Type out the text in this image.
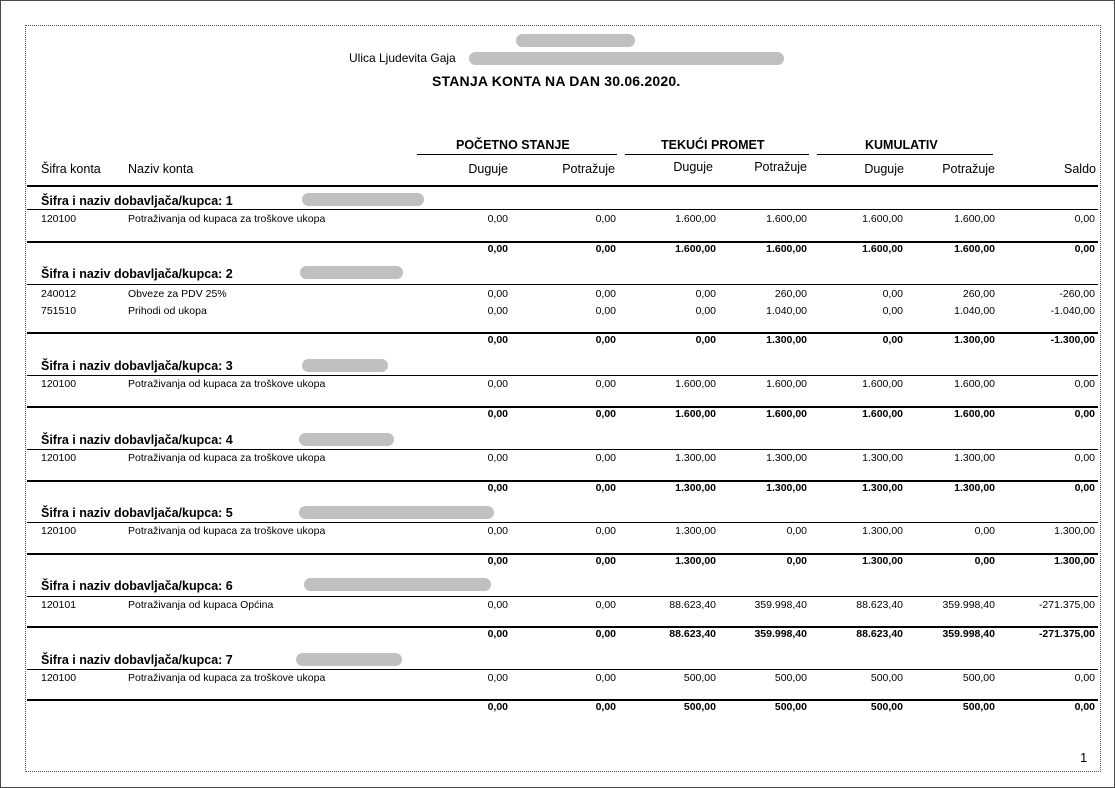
Ulica Ljudevita Gaja
STANJA KONTA NA DAN 30.06.2020.
POČETNO STANJE	TEKUĆI PROMET	KUMULATIV
Šifra konta Naziv konta	Duguje	Potražuje	Duguje	Potražuje	Duguje	Potražuje	Saldo
Šifra i naziv dobavljača/kupca: 1
120100	Potraživanja od kupaca za troškove ukopa	0,00	0,00	1.600,00	1.600,00	1.600,00	1.600,00	0,00
0,00	0,00	1.600,00	1.600,00	1.600,00	1.600,00	0,00
Šifra i naziv dobavljača/kupca: 2
240012	Obveze za PDV 25%	0,00	0,00	0,00	260,00	0,00	260,00	-260,00
751510	Prihodi od ukopa	0,00	0,00	0,00	1.040,00	0,00	1.040,00	-1.040,00
0,00	0,00	0,00	1.300,00	0,00	1.300,00	-1.300,00
Šifra i naziv dobavljača/kupca: 3
120100	Potraživanja od kupaca za troškove ukopa	0,00	0,00	1.600,00	1.600,00	1.600,00	1.600,00	0,00
0,00	0,00	1.600,00	1.600,00	1.600,00	1.600,00	0,00
Šifra i naziv dobavljača/kupca: 4
120100	Potraživanja od kupaca za troškove ukopa	0,00	0,00	1.300,00	1.300,00	1.300,00	1.300,00	0,00
0,00	0,00	1.300,00	1.300,00	1.300,00	1.300,00	0,00
Šifra i naziv dobavljača/kupca: 5
120100	Potraživanja od kupaca za troškove ukopa	0,00	0,00	1.300,00	0,00	1.300,00	0,00	1.300,00
0,00	0,00	1.300,00	0,00	1.300,00	0,00	1.300,00
Šifra i naziv dobavljača/kupca: 6
120101	Potraživanja od kupaca Općina	0,00	0,00	88.623,40	359.998,40	88.623,40	359.998,40	-271.375,00
0,00	0,00	88.623,40	359.998,40	88.623,40	359.998,40	-271.375,00
Šifra i naziv dobavljača/kupca: 7
120100	Potraživanja od kupaca za troškove ukopa	0,00	0,00	500,00	500,00	500,00	500,00	0,00
0,00	0,00	500,00	500,00	500,00	500,00	0,00
1
